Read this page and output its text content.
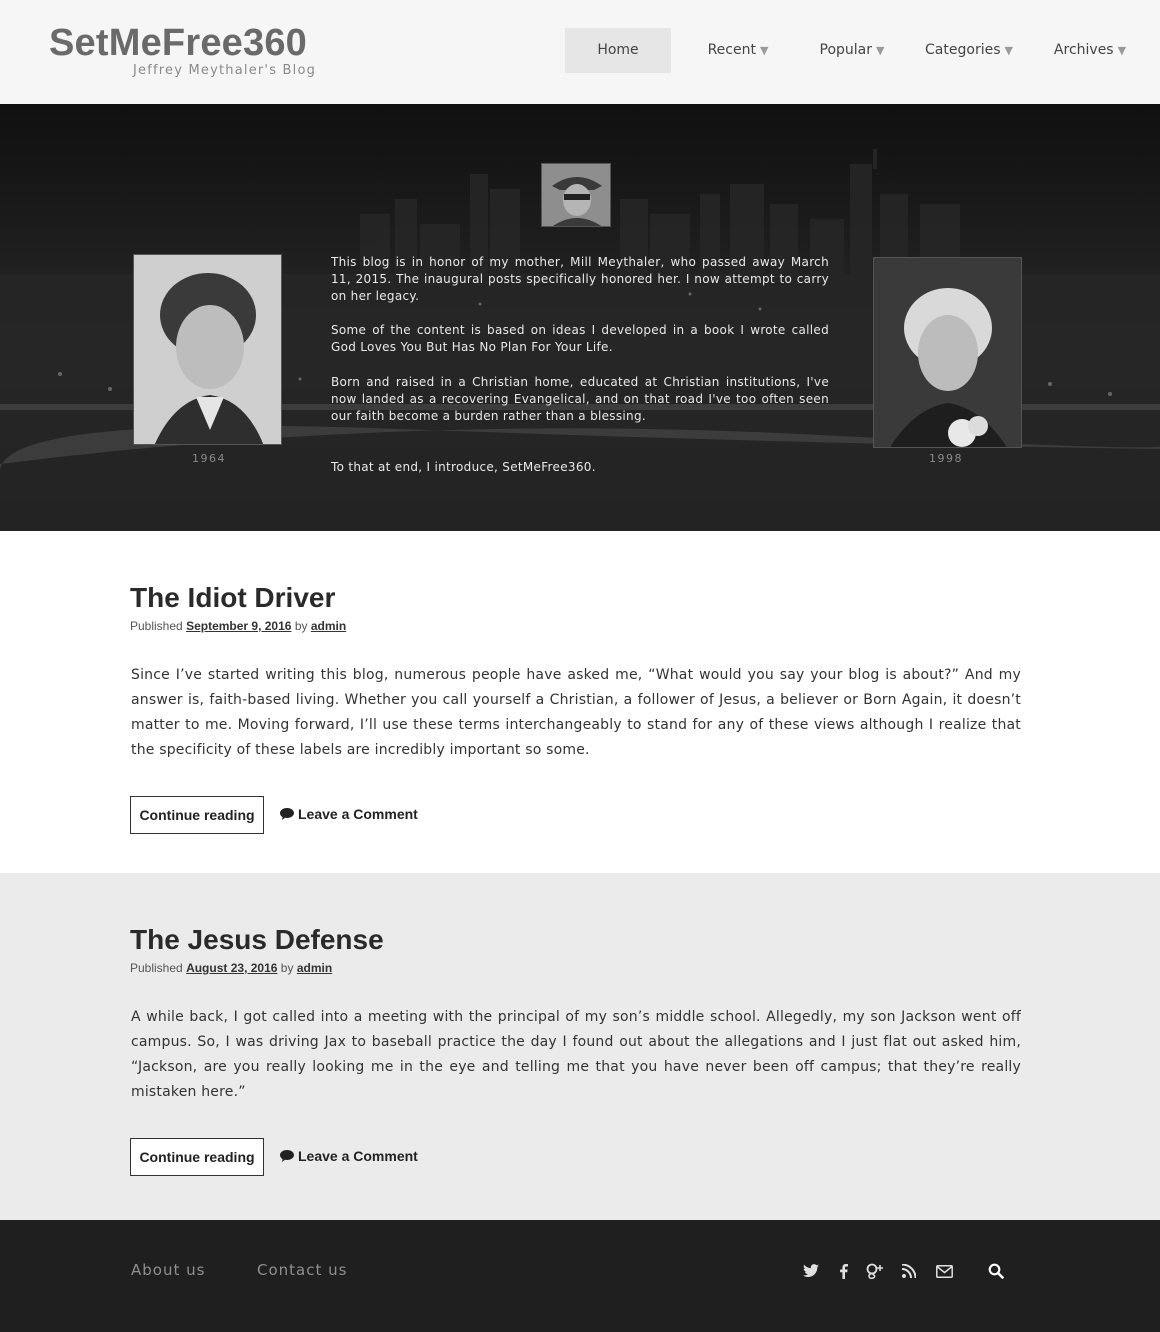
SetMeFree360
Jeffrey Meythaler's Blog
Home	Recent ▼	Popular ▼	Categories ▼	Archives ▼
1964	1998
This blog is in honor of my mother, Mill Meythaler, who passed away March 11, 2015. The inaugural posts specifically honored her. I now attempt to carry on her legacy.
Some of the content is based on ideas I developed in a book I wrote called God Loves You But Has No Plan For Your Life.
Born and raised in a Christian home, educated at Christian institutions, I've now landed as a recovering Evangelical, and on that road I've too often seen our faith become a burden rather than a blessing.
To that at end, I introduce, SetMeFree360.
The Idiot Driver
Published September 9, 2016 by admin
Since I’ve started writing this blog, numerous people have asked me, “What would you say your blog is about?” And my answer is, faith-based living. Whether you call yourself a Christian, a follower of Jesus, a believer or Born Again, it doesn’t matter to me. Moving forward, I’ll use these terms interchangeably to stand for any of these views although I realize that the specificity of these labels are incredibly important so some.
Continue reading	Leave a Comment
The Jesus Defense
Published August 23, 2016 by admin
A while back, I got called into a meeting with the principal of my son’s middle school. Allegedly, my son Jackson went off campus. So, I was driving Jax to baseball practice the day I found out about the allegations and I just flat out asked him, “Jackson, are you really looking me in the eye and telling me that you have never been off campus; that they’re really mistaken here.”
Continue reading	Leave a Comment
About us	Contact us
